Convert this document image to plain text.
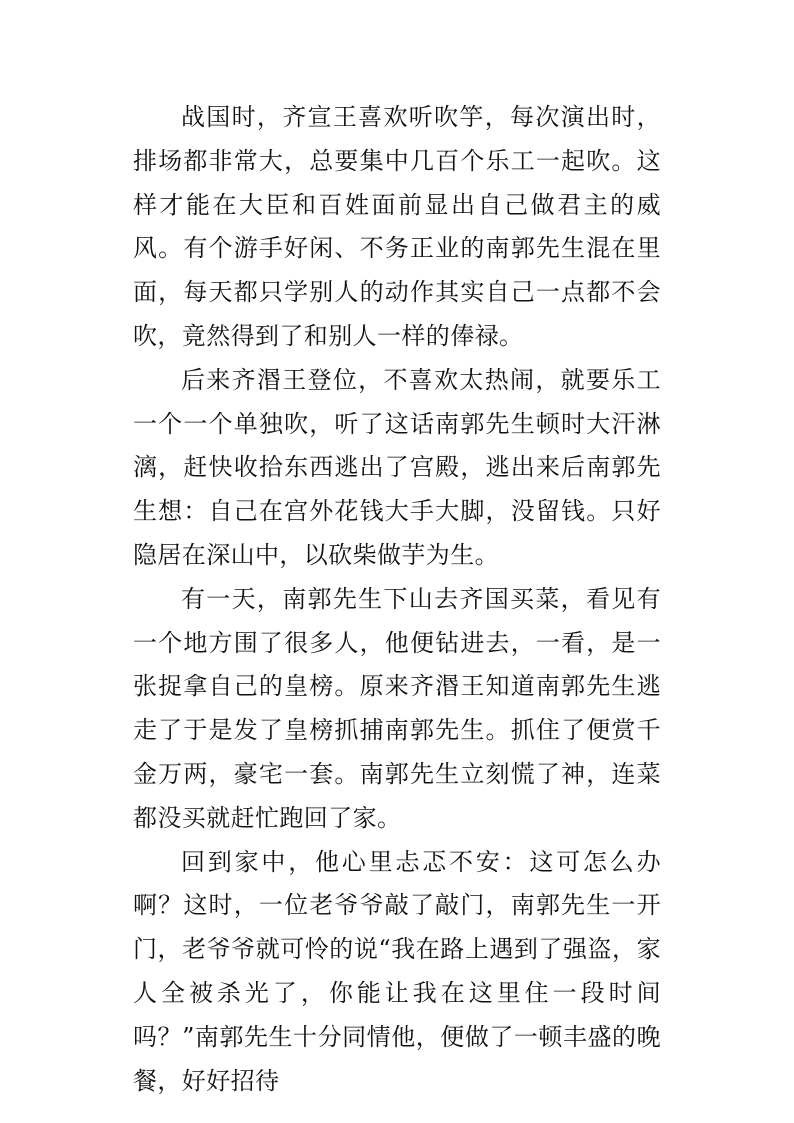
战国时，齐宣王喜欢听吹竽，每次演出时，排场都非常大，总要集中几百个乐工一起吹。这样才能在大臣和百姓面前显出自己做君主的威风。有个游手好闲、不务正业的南郭先生混在里面，每天都只学别人的动作其实自己一点都不会吹，竟然得到了和别人一样的俸禄。

后来齐湣王登位，不喜欢太热闹，就要乐工一个一个单独吹，听了这话南郭先生顿时大汗淋漓，赶快收拾东西逃出了宫殿，逃出来后南郭先生想：自己在宫外花钱大手大脚，没留钱。只好隐居在深山中，以砍柴做芋为生。

有一天，南郭先生下山去齐国买菜，看见有一个地方围了很多人，他便钻进去，一看，是一张捉拿自己的皇榜。原来齐湣王知道南郭先生逃走了于是发了皇榜抓捕南郭先生。抓住了便赏千金万两，豪宅一套。南郭先生立刻慌了神，连菜都没买就赶忙跑回了家。

回到家中，他心里忐忑不安：这可怎么办啊？这时，一位老爷爷敲了敲门，南郭先生一开门，老爷爷就可怜的说“我在路上遇到了强盗，家人全被杀光了，你能让我在这里住一段时间吗？”南郭先生十分同情他，便做了一顿丰盛的晚餐，好好招待
